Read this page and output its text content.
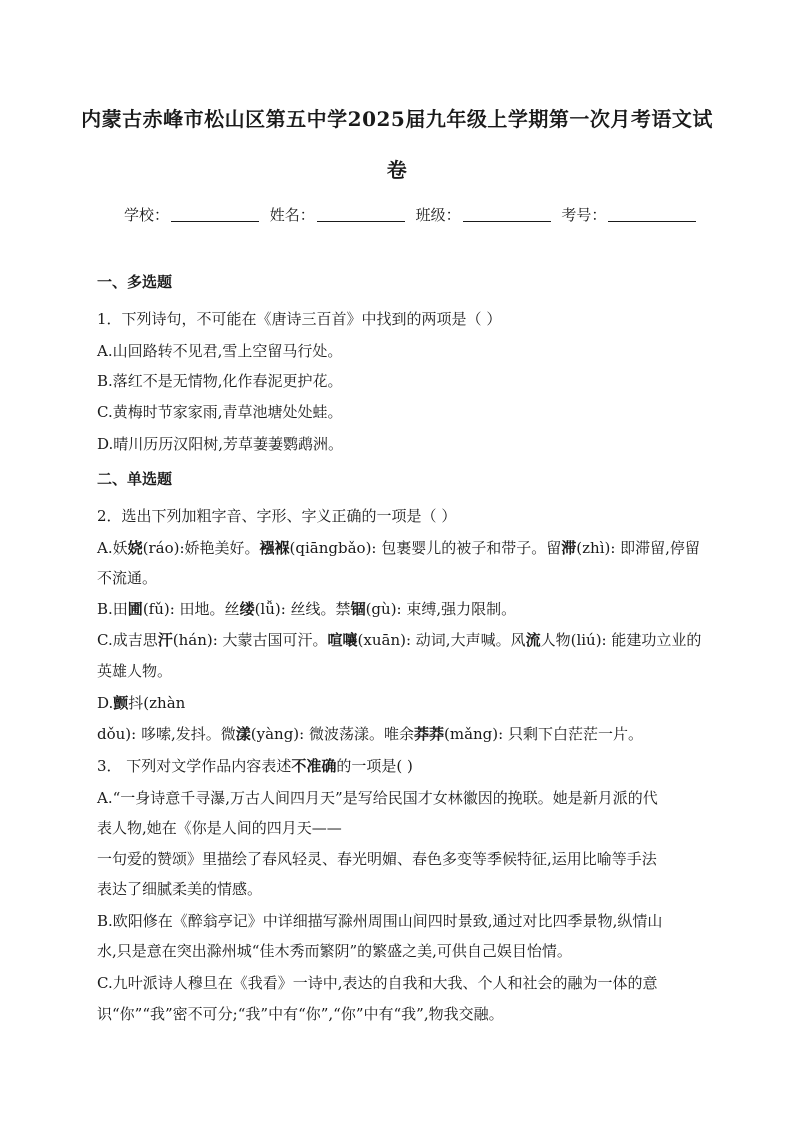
内蒙古赤峰市松山区第五中学2025届九年级上学期第一次月考语文试
卷
学校：	姓名：	班级：	考号：
一、多选题
1．下列诗句，不可能在《唐诗三百首》中找到的两项是（ ）
A.山回路转不见君,雪上空留马行处。
B.落红不是无情物,化作春泥更护花。
C.黄梅时节家家雨,青草池塘处处蛙。
D.晴川历历汉阳树,芳草萋萋鹦鹉洲。
二、单选题
2．选出下列加粗字音、字形、字义正确的一项是（ ）
A.妖娆(ráo):娇艳美好。襁褓(qiāngbǎo): 包裹婴儿的被子和带子。留滞(zhì): 即滞留,停留
不流通。
B.田圃(fǔ): 田地。丝缕(lǚ): 丝线。禁锢(gù): 束缚,强力限制。
C.成吉思汗(hán): 大蒙古国可汗。喧嚷(xuān): 动词,大声喊。风流人物(liú): 能建功立业的
英雄人物。
D.颤抖(zhàn
dǒu): 哆嗦,发抖。微漾(yàng): 微波荡漾。唯余莽莽(mǎng): 只剩下白茫茫一片。
3． 下列对文学作品内容表述不准确的一项是( )
A.“一身诗意千寻瀑,万古人间四月天”是写给民国才女林徽因的挽联。她是新月派的代
表人物,她在《你是人间的四月天——
一句爱的赞颂》里描绘了春风轻灵、春光明媚、春色多变等季候特征,运用比喻等手法
表达了细腻柔美的情感。
B.欧阳修在《醉翁亭记》中详细描写滁州周围山间四时景致,通过对比四季景物,纵情山
水,只是意在突出滁州城“佳木秀而繁阴”的繁盛之美,可供自己娱目怡情。
C.九叶派诗人穆旦在《我看》一诗中,表达的自我和大我、个人和社会的融为一体的意
识“你”“我”密不可分;“我”中有“你”,“你”中有“我”,物我交融。
